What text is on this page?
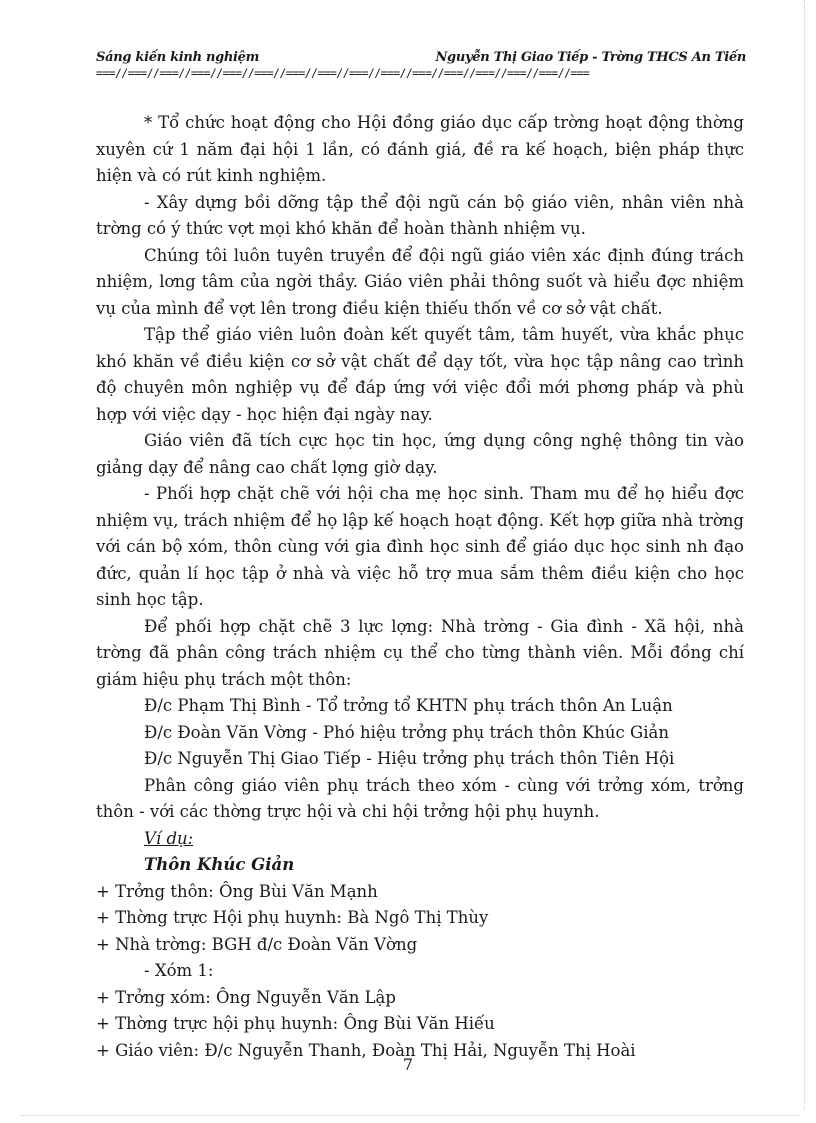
Sáng kiến kinh nghiệm	Nguyễn Thị Giao Tiếp - Trờng THCS An Tiến
===//===//===//===//===//===//===//===//===//===//===//===//===//===//===//===

* Tổ chức hoạt động cho Hội đồng giáo dục cấp trờng hoạt động thờng xuyên cứ 1 năm đại hội 1 lần, có đánh giá, đề ra kế hoạch, biện pháp thực hiện và có rút kinh nghiệm.

- Xây dựng bồi dỡng tập thể đội ngũ cán bộ giáo viên, nhân viên nhà trờng có ý thức vợt mọi khó khăn để hoàn thành nhiệm vụ.

Chúng tôi luôn tuyên truyền để đội ngũ giáo viên xác định đúng trách nhiệm, lơng tâm của ngời thầy. Giáo viên phải thông suốt và hiểu đợc nhiệm vụ của mình để vợt lên trong điều kiện thiếu thốn về cơ sở vật chất.

Tập thể giáo viên luôn đoàn kết quyết tâm, tâm huyết, vừa khắc phục khó khăn về điều kiện cơ sở vật chất để dạy tốt, vừa học tập nâng cao trình độ chuyên môn nghiệp vụ để đáp ứng với việc đổi mới phơng pháp và phù hợp với việc dạy - học hiện đại ngày nay.

Giáo viên đã tích cực học tin học, ứng dụng công nghệ thông tin vào giảng dạy để nâng cao chất lợng giờ dạy.

- Phối hợp chặt chẽ với hội cha mẹ học sinh. Tham mu để họ hiểu đợc nhiệm vụ, trách nhiệm để họ lập kế hoạch hoạt động. Kết hợp giữa nhà trờng với cán bộ xóm, thôn cùng với gia đình học sinh để giáo dục học sinh nh đạo đức, quản lí học tập ở nhà và việc hỗ trợ mua sắm thêm điều kiện cho học sinh học tập.

Để phối hợp chặt chẽ 3 lực lợng: Nhà trờng - Gia đình - Xã hội, nhà trờng đã phân công trách nhiệm cụ thể cho từng thành viên. Mỗi đồng chí giám hiệu phụ trách một thôn:

Đ/c Phạm Thị Bình - Tổ trởng tổ KHTN phụ trách thôn An Luận

Đ/c Đoàn Văn Vờng - Phó hiệu trởng phụ trách thôn Khúc Giản

Đ/c Nguyễn Thị Giao Tiếp - Hiệu trởng phụ trách thôn Tiên Hội

Phân công giáo viên phụ trách theo xóm - cùng với trởng xóm, trởng thôn - với các thờng trực hội và chi hội trởng hội phụ huynh.

Ví dụ:

Thôn Khúc Giản

+ Trởng thôn: Ông Bùi Văn Mạnh

+ Thờng trực Hội phụ huynh: Bà Ngô Thị Thùy

+ Nhà trờng: BGH đ/c Đoàn Văn Vờng

- Xóm 1:

+ Trởng xóm: Ông Nguyễn Văn Lập

+ Thờng trực hội phụ huynh: Ông Bùi Văn Hiếu

+ Giáo viên: Đ/c Nguyễn Thanh, Đoàn Thị Hải, Nguyễn Thị Hoài

7
